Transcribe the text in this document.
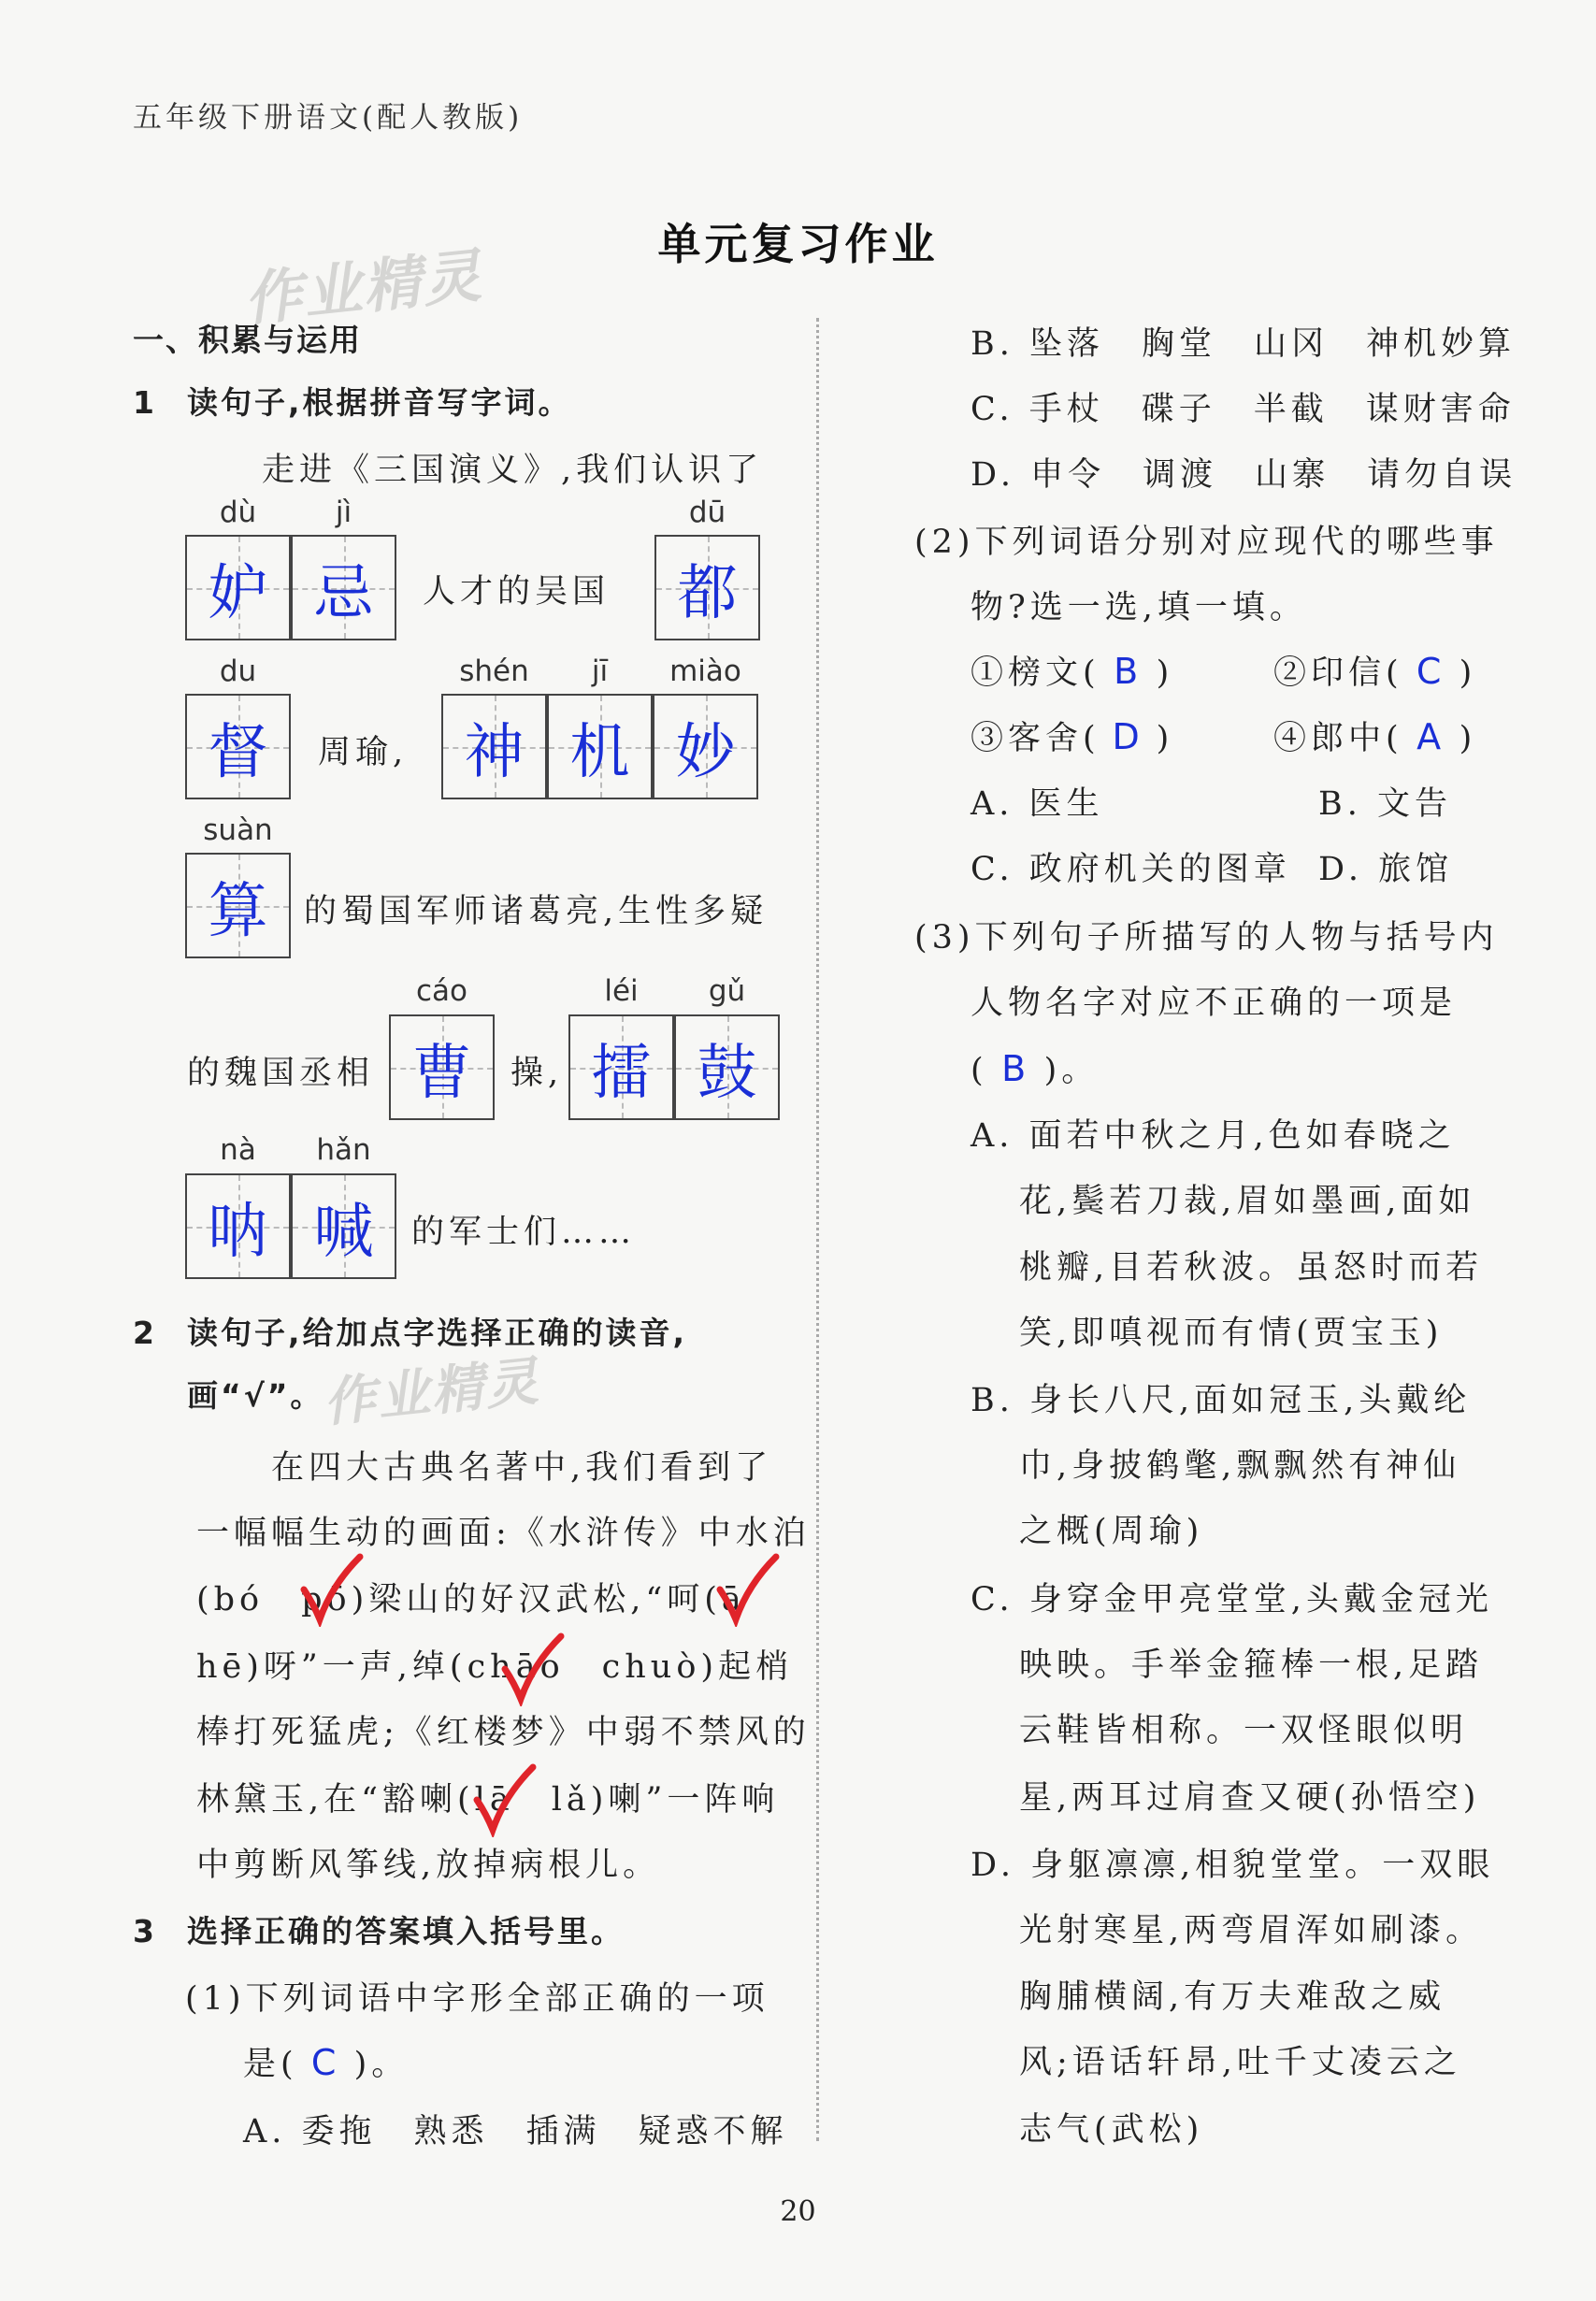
五年级下册语文(配人教版)
作业精灵	单元复习作业
一、积累与运用
1 读句子,根据拼音写字词。
走进《三国演义》,我们认识了
dù	jì
妒 忌	人才的吴国
dū
都
du
督	周瑜,
shén	jī	miào
神 机 妙
suàn
算	的蜀国军师诸葛亮,生性多疑
的魏国丞相
cáo
曹	操,
léi	gǔ
擂 鼓
nà	hǎn
呐 喊	的军士们……
2 读句子,给加点字选择正确的读音,
画“√”。
作业精灵
在四大古典名著中,我们看到了
一幅幅生动的画面:《水浒传》中水泊
(bó　pō)梁山的好汉武松,“呵(ā
hē)呀”一声,绰(chāo　chuò)起梢
棒打死猛虎;《红楼梦》中弱不禁风的
林黛玉,在“豁喇(lā　lǎ)喇”一阵响
中剪断风筝线,放掉病根儿。
3 选择正确的答案填入括号里。
(1)下列词语中字形全部正确的一项
是( C )。
A. 委拖　熟悉　插满　疑惑不解
B. 坠落　胸堂　山冈　神机妙算
C. 手杖　碟子　半截　谋财害命
D. 申令　调渡　山寨　请勿自误
(2)下列词语分别对应现代的哪些事
物?选一选,填一填。
①榜文( B )	②印信( C )
③客舍( D )	④郎中( A )
A. 医生	B. 文告
C. 政府机关的图章 D. 旅馆
(3)下列句子所描写的人物与括号内
人物名字对应不正确的一项是
( B )。
A. 面若中秋之月,色如春晓之
花,鬓若刀裁,眉如墨画,面如
桃瓣,目若秋波。虽怒时而若
笑,即嗔视而有情(贾宝玉)
B. 身长八尺,面如冠玉,头戴纶
巾,身披鹤氅,飘飘然有神仙
之概(周瑜)
C. 身穿金甲亮堂堂,头戴金冠光
映映。手举金箍棒一根,足踏
云鞋皆相称。一双怪眼似明
星,两耳过肩查又硬(孙悟空)
D. 身躯凛凛,相貌堂堂。一双眼
光射寒星,两弯眉浑如刷漆。
胸脯横阔,有万夫难敌之威
风;语话轩昂,吐千丈凌云之
志气(武松)
20
